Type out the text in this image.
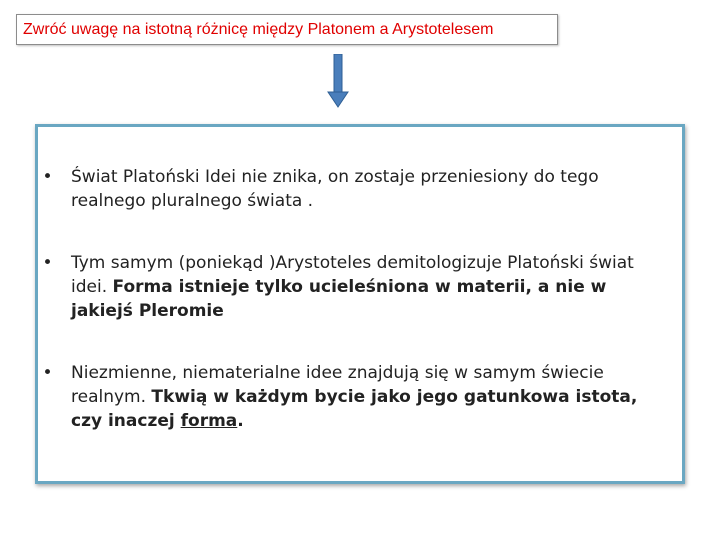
Zwróć uwagę na istotną różnicę między Platonem a Arystotelesem
•	Świat Platoński Idei nie znika, on zostaje przeniesiony do tego realnego pluralnego świata .
•	Tym samym (poniekąd )Arystoteles demitologizuje Platoński świat idei. Forma istnieje tylko ucieleśniona w materii, a nie w jakiejś Pleromie
•	Niezmienne, niematerialne idee znajdują się w samym świecie realnym. Tkwią w każdym bycie jako jego gatunkowa istota, czy inaczej forma.
